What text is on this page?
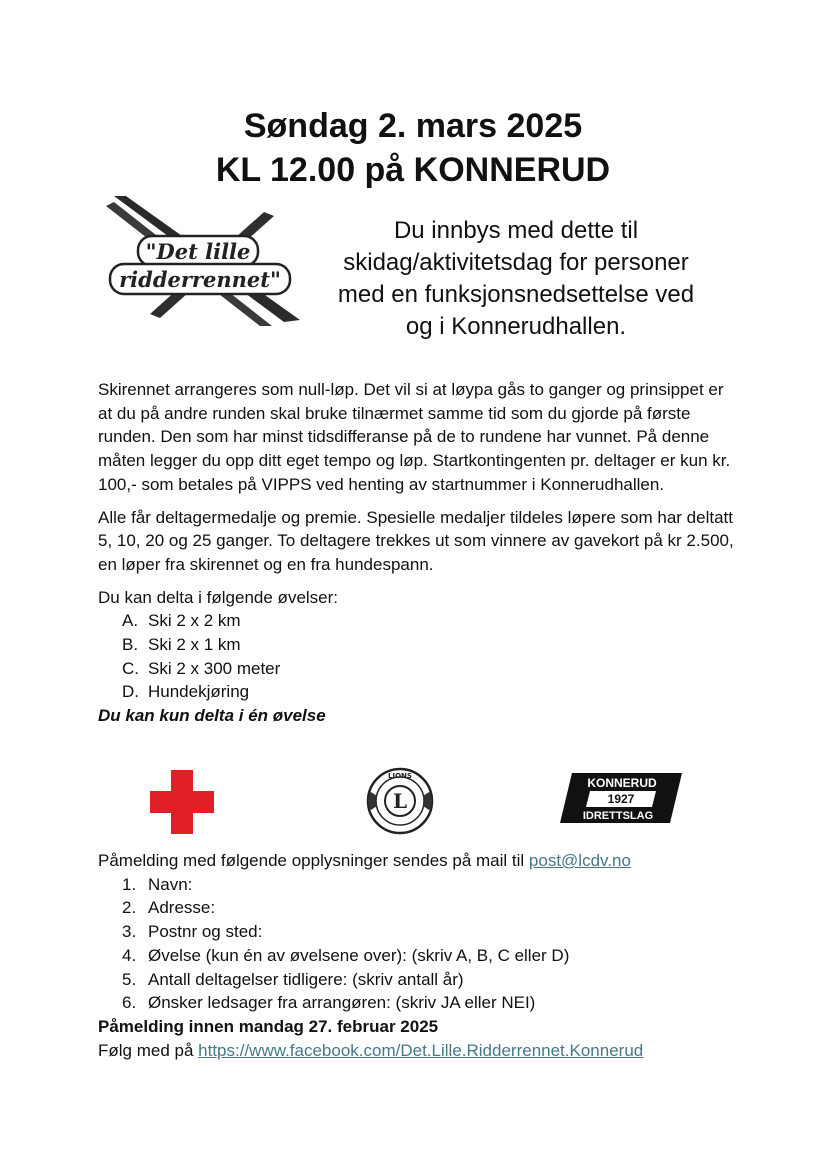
Søndag 2. mars 2025
KL 12.00 på KONNERUD
"Det lille
ridderrennet"
Du innbys med dette til
skidag/aktivitetsdag for personer
med en funksjonsnedsettelse ved
og i Konnerudhallen.

Skirennet arrangeres som null-løp. Det vil si at løypa gås to ganger og prinsippet er at du på andre runden skal bruke tilnærmet samme tid som du gjorde på første runden. Den som har minst tidsdifferanse på de to rundene har vunnet. På denne måten legger du opp ditt eget tempo og løp. Startkontingenten pr. deltager er kun kr. 100,- som betales på VIPPS ved henting av startnummer i Konnerudhallen.

Alle får deltagermedalje og premie. Spesielle medaljer tildeles løpere som har deltatt 5, 10, 20 og 25 ganger. To deltagere trekkes ut som vinnere av gavekort på kr 2.500, en løper fra skirennet og en fra hundespann.

Du kan delta i følgende øvelser:

A. Ski 2 x 2 km
B. Ski 2 x 1 km
C. Ski 2 x 300 meter
D. Hundekjøring
Du kan kun delta i én øvelse
LIONS
L
KONNERUD
1927
IDRETTSLAG

Påmelding med følgende opplysninger sendes på mail til post@lcdv.no

1. Navn:
2. Adresse:
3. Postnr og sted:
4. Øvelse (kun én av øvelsene over): (skriv A, B, C eller D)
5. Antall deltagelser tidligere: (skriv antall år)
6. Ønsker ledsager fra arrangøren: (skriv JA eller NEI)

Påmelding innen mandag 27. februar 2025

Følg med på https://www.facebook.com/Det.Lille.Ridderrennet.Konnerud
